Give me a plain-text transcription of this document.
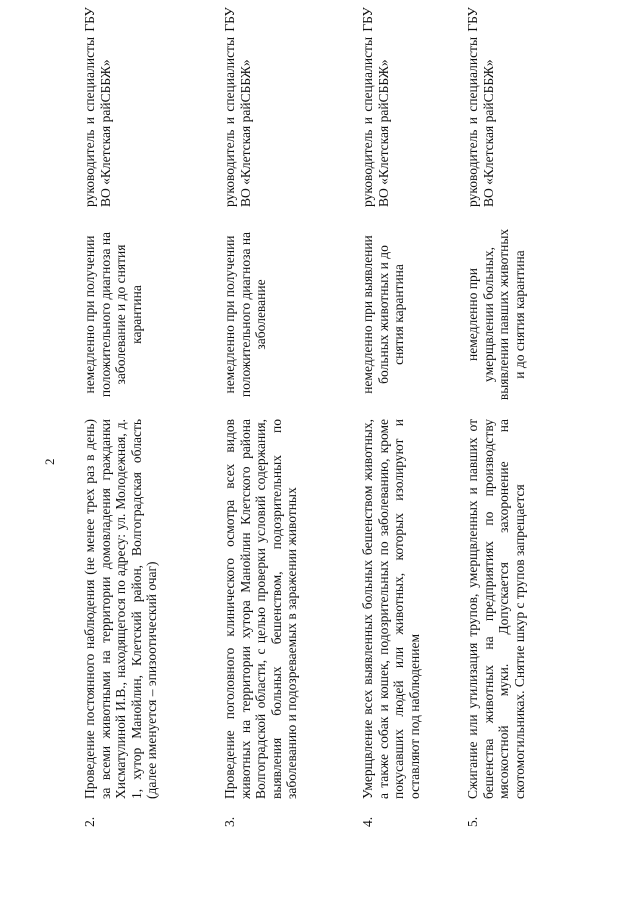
2
2.
Проведение постоянного наблюдения (не менее трех раз в день) за всеми животными на территории домовладения гражданки Хисматулиной И.В., находящегося по адресу: ул. Молодежная, д. 1, хутор Манойлин, Клетский район, Волгоградская область (далее именуется – эпизоотический очаг)
немедленно при получении положительного диагноза на заболевание и до снятия карантина
руководитель и специалисты ГБУ ВО «Клетская райСББЖ»
3.
Проведение поголовного клинического осмотра всех видов животных на территории хутора Манойлин Клетского района Волгоградской области, с целью проверки условий содержания, выявления больных бешенством, подозрительных по заболеванию и подозреваемых в заражении животных
немедленно при получении положительного диагноза на заболевание
руководитель и специалисты ГБУ ВО «Клетская райСББЖ»
4.
Умерщвление всех выявленных больных бешенством животных, а также собак и кошек, подозрительных по заболеванию, кроме покусавших людей или животных, которых изолируют и оставляют под наблюдением
немедленно при выявлении больных животных и до снятия карантина
руководитель и специалисты ГБУ ВО «Клетская райСББЖ»
5.
Сжигание или утилизация трупов, умерщвленных и павших от бешенства животных на предприятиях по производству мясокостной муки. Допускается захоронение на скотомогильниках. Снятие шкур с трупов запрещается
немедленно при умерщвлении больных, выявлении павших животных и до снятия карантина
руководитель и специалисты ГБУ ВО «Клетская райСББЖ»
